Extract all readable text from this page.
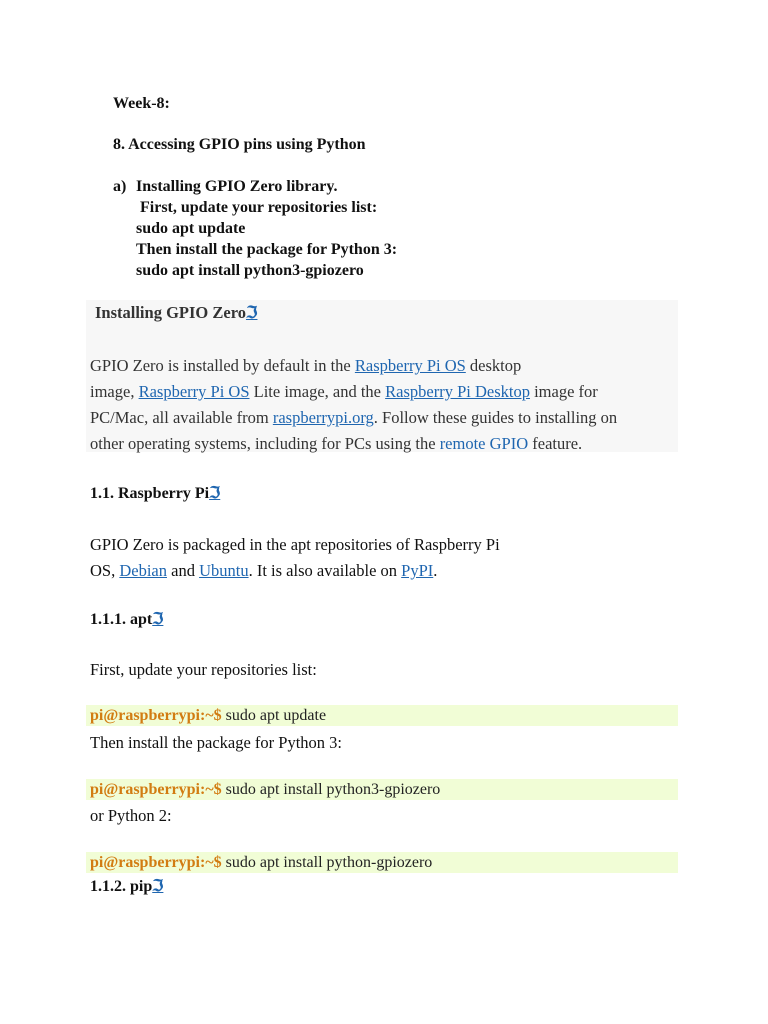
Week-8:
8. Accessing GPIO pins using Python
a) Installing GPIO Zero library.
First, update your repositories list:
sudo apt update
Then install the package for Python 3:
sudo apt install python3-gpiozero
Installing GPIO Zeroℑ
GPIO Zero is installed by default in the Raspberry Pi OS desktop
image, Raspberry Pi OS Lite image, and the Raspberry Pi Desktop image for
PC/Mac, all available from raspberrypi.org. Follow these guides to installing on
other operating systems, including for PCs using the remote GPIO feature.
1.1. Raspberry Piℑ
GPIO Zero is packaged in the apt repositories of Raspberry Pi
OS, Debian and Ubuntu. It is also available on PyPI.
1.1.1. aptℑ
First, update your repositories list:
pi@raspberrypi:~$ sudo apt update
Then install the package for Python 3:
pi@raspberrypi:~$ sudo apt install python3-gpiozero
or Python 2:
pi@raspberrypi:~$ sudo apt install python-gpiozero
1.1.2. pipℑ
